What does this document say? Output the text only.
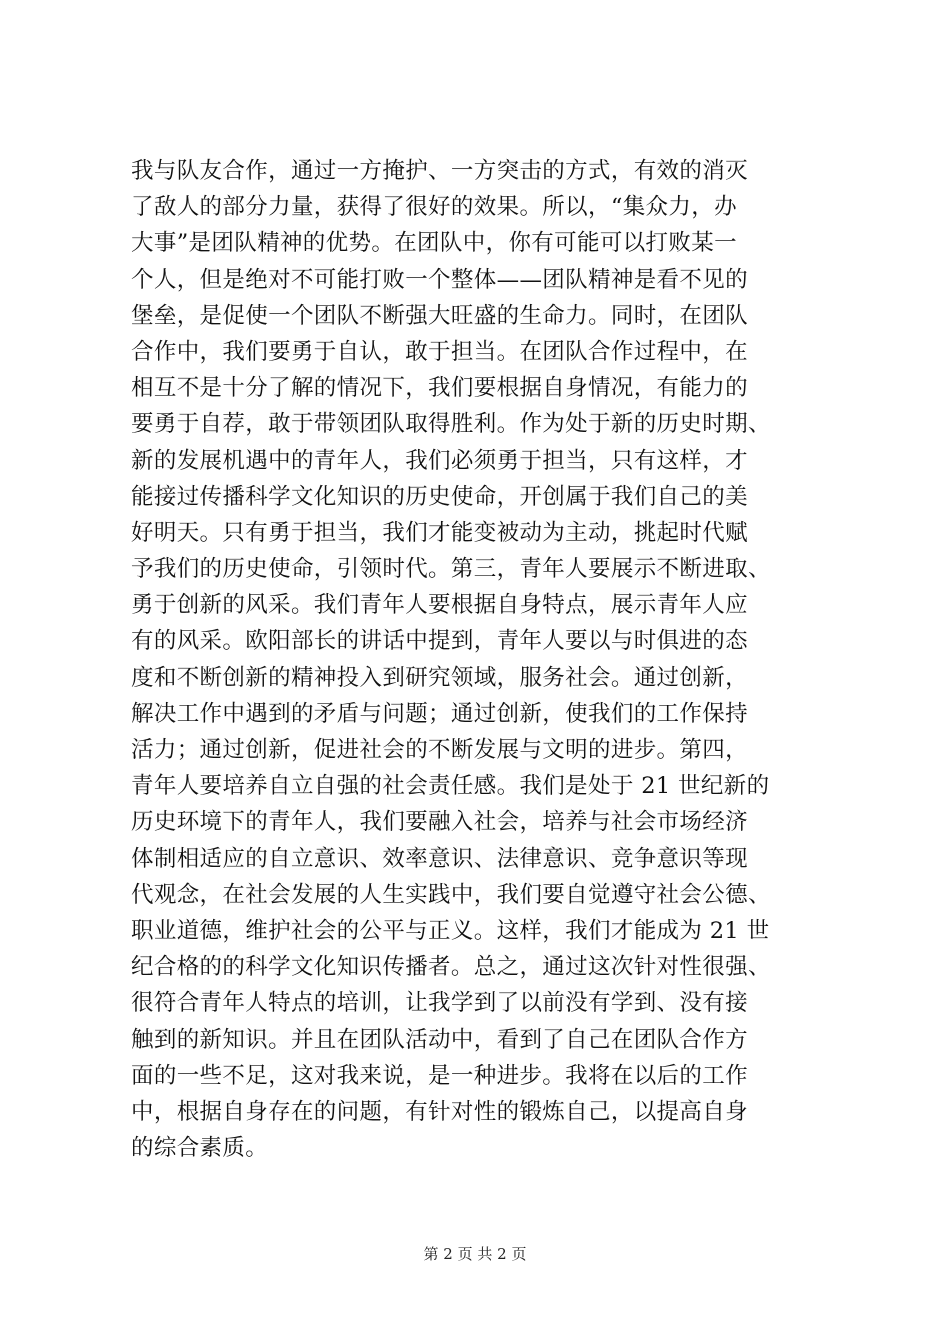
我与队友合作，通过一方掩护、一方突击的方式，有效的消灭
了敌人的部分力量，获得了很好的效果。所以，“集众力，办
大事”是团队精神的优势。在团队中，你有可能可以打败某一
个人，但是绝对不可能打败一个整体——团队精神是看不见的
堡垒，是促使一个团队不断强大旺盛的生命力。同时，在团队
合作中，我们要勇于自认，敢于担当。在团队合作过程中，在
相互不是十分了解的情况下，我们要根据自身情况，有能力的
要勇于自荐，敢于带领团队取得胜利。作为处于新的历史时期、
新的发展机遇中的青年人，我们必须勇于担当，只有这样，才
能接过传播科学文化知识的历史使命，开创属于我们自己的美
好明天。只有勇于担当，我们才能变被动为主动，挑起时代赋
予我们的历史使命，引领时代。第三，青年人要展示不断进取、
勇于创新的风采。我们青年人要根据自身特点，展示青年人应
有的风采。欧阳部长的讲话中提到，青年人要以与时俱进的态
度和不断创新的精神投入到研究领域，服务社会。通过创新，
解决工作中遇到的矛盾与问题；通过创新，使我们的工作保持
活力；通过创新，促进社会的不断发展与文明的进步。第四，
青年人要培养自立自强的社会责任感。我们是处于 21 世纪新的
历史环境下的青年人，我们要融入社会，培养与社会市场经济
体制相适应的自立意识、效率意识、法律意识、竞争意识等现
代观念，在社会发展的人生实践中，我们要自觉遵守社会公德、
职业道德，维护社会的公平与正义。这样，我们才能成为 21 世
纪合格的的科学文化知识传播者。总之，通过这次针对性很强、
很符合青年人特点的培训，让我学到了以前没有学到、没有接
触到的新知识。并且在团队活动中，看到了自己在团队合作方
面的一些不足，这对我来说，是一种进步。我将在以后的工作
中，根据自身存在的问题，有针对性的锻炼自己，以提高自身
的综合素质。
第 2 页 共 2 页
